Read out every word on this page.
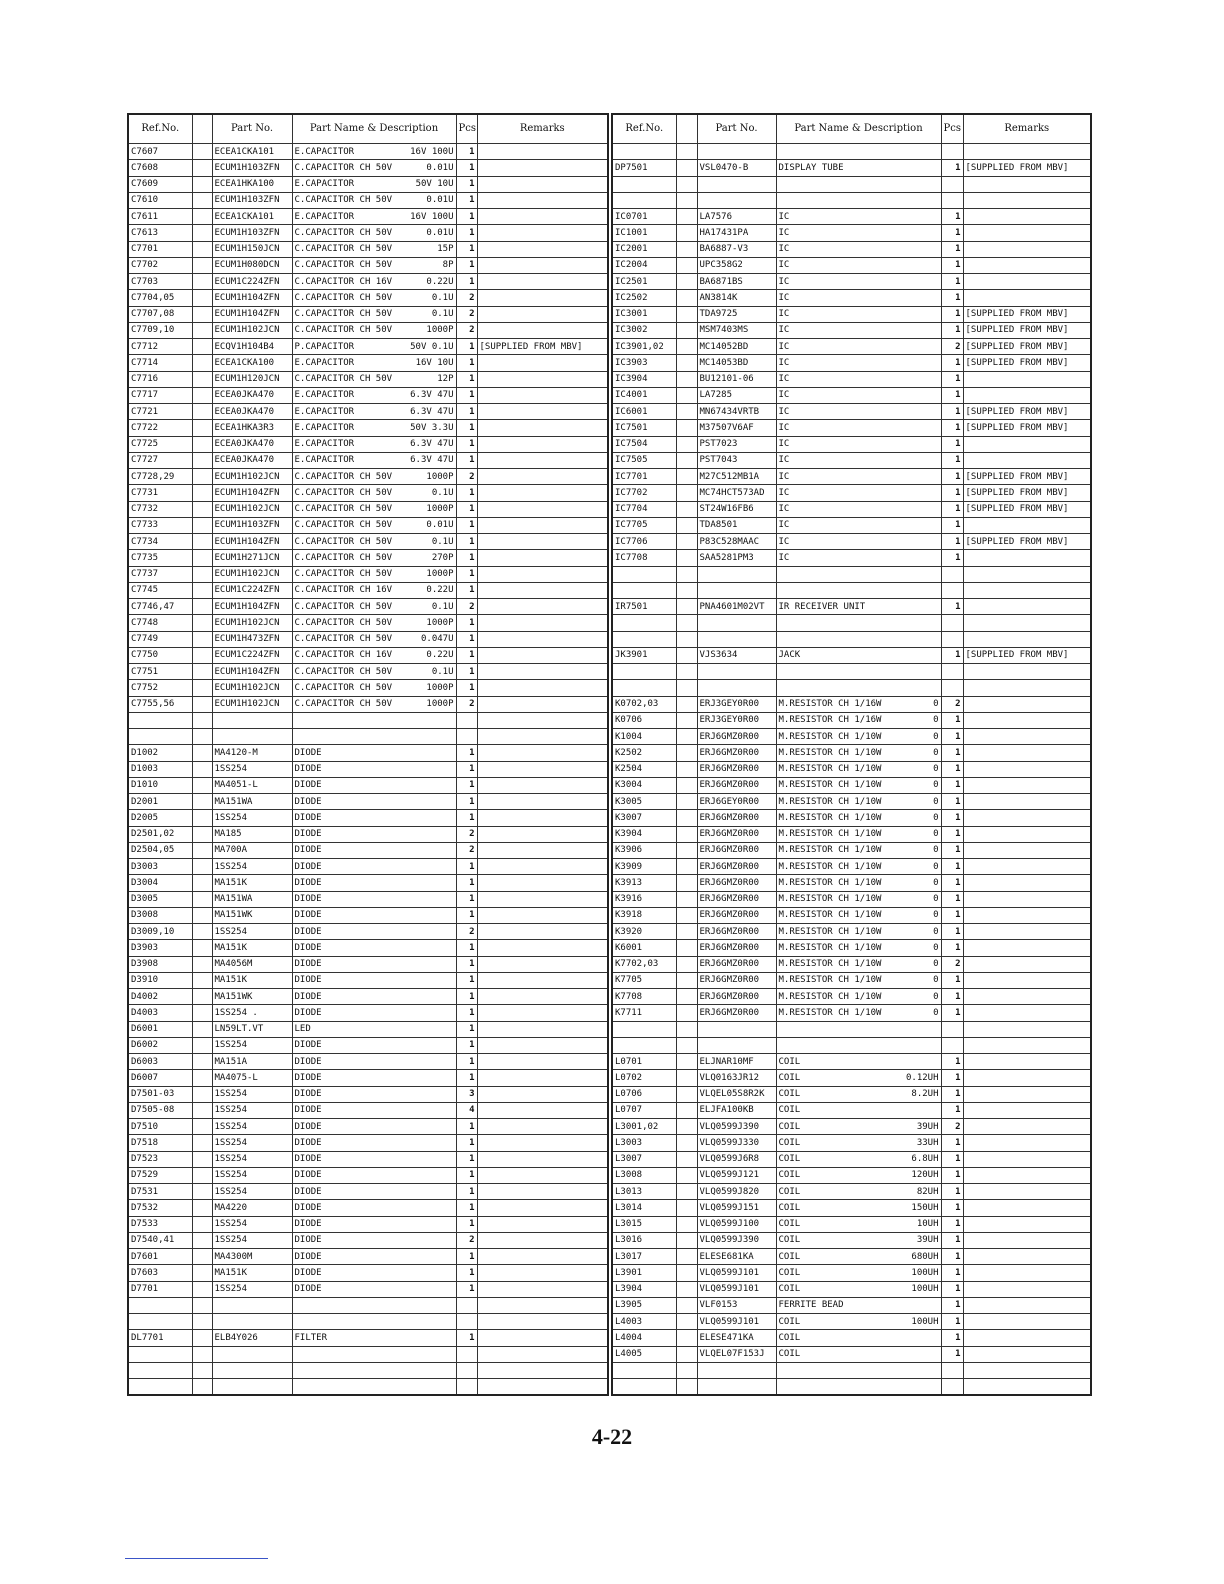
Ref.No.		Part No.	Part Name & Description	Pcs	Remarks
C7607		ECEA1CKA101	E.CAPACITOR 16V 100U	1	
C7608		ECUM1H103ZFN	C.CAPACITOR CH 50V 0.01U	1	
C7609		ECEA1HKA100	E.CAPACITOR 50V 10U	1	
C7610		ECUM1H103ZFN	C.CAPACITOR CH 50V 0.01U	1	
C7611		ECEA1CKA101	E.CAPACITOR 16V 100U	1	
C7613		ECUM1H103ZFN	C.CAPACITOR CH 50V 0.01U	1	
C7701		ECUM1H150JCN	C.CAPACITOR CH 50V 15P	1	
C7702		ECUM1H080DCN	C.CAPACITOR CH 50V 8P	1	
C7703		ECUM1C224ZFN	C.CAPACITOR CH 16V 0.22U	1	
C7704,05		ECUM1H104ZFN	C.CAPACITOR CH 50V 0.1U	2	
C7707,08		ECUM1H104ZFN	C.CAPACITOR CH 50V 0.1U	2	
C7709,10		ECUM1H102JCN	C.CAPACITOR CH 50V 1000P	2	
C7712		ECQV1H104B4	P.CAPACITOR 50V 0.1U	1	[SUPPLIED FROM MBV]
C7714		ECEA1CKA100	E.CAPACITOR 16V 10U	1	
C7716		ECUM1H120JCN	C.CAPACITOR CH 50V 12P	1	
C7717		ECEA0JKA470	E.CAPACITOR 6.3V 47U	1	
C7721		ECEA0JKA470	E.CAPACITOR 6.3V 47U	1	
C7722		ECEA1HKA3R3	E.CAPACITOR 50V 3.3U	1	
C7725		ECEA0JKA470	E.CAPACITOR 6.3V 47U	1	
C7727		ECEA0JKA470	E.CAPACITOR 6.3V 47U	1	
C7728,29		ECUM1H102JCN	C.CAPACITOR CH 50V 1000P	2	
C7731		ECUM1H104ZFN	C.CAPACITOR CH 50V 0.1U	1	
C7732		ECUM1H102JCN	C.CAPACITOR CH 50V 1000P	1	
C7733		ECUM1H103ZFN	C.CAPACITOR CH 50V 0.01U	1	
C7734		ECUM1H104ZFN	C.CAPACITOR CH 50V 0.1U	1	
C7735		ECUM1H271JCN	C.CAPACITOR CH 50V 270P	1	
C7737		ECUM1H102JCN	C.CAPACITOR CH 50V 1000P	1	
C7745		ECUM1C224ZFN	C.CAPACITOR CH 16V 0.22U	1	
C7746,47		ECUM1H104ZFN	C.CAPACITOR CH 50V 0.1U	2	
C7748		ECUM1H102JCN	C.CAPACITOR CH 50V 1000P	1	
C7749		ECUM1H473ZFN	C.CAPACITOR CH 50V 0.047U	1	
C7750		ECUM1C224ZFN	C.CAPACITOR CH 16V 0.22U	1	
C7751		ECUM1H104ZFN	C.CAPACITOR CH 50V 0.1U	1	
C7752		ECUM1H102JCN	C.CAPACITOR CH 50V 1000P	1	
C7755,56		ECUM1H102JCN	C.CAPACITOR CH 50V 1000P	2	

D1002		MA4120-M	DIODE	1	
D1003		1SS254	DIODE	1	
D1010		MA4051-L	DIODE	1	
D2001		MA151WA	DIODE	1	
D2005		1SS254	DIODE	1	
D2501,02		MA185	DIODE	2	
D2504,05		MA700A	DIODE	2	
D3003		1SS254	DIODE	1	
D3004		MA151K	DIODE	1	
D3005		MA151WA	DIODE	1	
D3008		MA151WK	DIODE	1	
D3009,10		1SS254	DIODE	2	
D3903		MA151K	DIODE	1	
D3908		MA4056M	DIODE	1	
D3910		MA151K	DIODE	1	
D4002		MA151WK	DIODE	1	
D4003		1SS254 .	DIODE	1	
D6001		LN59LT.VT	LED	1	
D6002		1SS254	DIODE	1	
D6003		MA151A	DIODE	1	
D6007		MA4075-L	DIODE	1	
D7501-03		1SS254	DIODE	3	
D7505-08		1SS254	DIODE	4	
D7510		1SS254	DIODE	1	
D7518		1SS254	DIODE	1	
D7523		1SS254	DIODE	1	
D7529		1SS254	DIODE	1	
D7531		1SS254	DIODE	1	
D7532		MA4220	DIODE	1	
D7533		1SS254	DIODE	1	
D7540,41		1SS254	DIODE	2	
D7601		MA4300M	DIODE	1	
D7603		MA151K	DIODE	1	
D7701		1SS254	DIODE	1	

DL7701		ELB4Y026	FILTER	1	

Ref.No.		Part No.	Part Name & Description	Pcs	Remarks

DP7501		VSL0470-B	DISPLAY TUBE	1	[SUPPLIED FROM MBV]

IC0701		LA7576	IC	1	
IC1001		HA17431PA	IC	1	
IC2001		BA6887-V3	IC	1	
IC2004		UPC358G2	IC	1	
IC2501		BA6871BS	IC	1	
IC2502		AN3814K	IC	1	
IC3001		TDA9725	IC	1	[SUPPLIED FROM MBV]
IC3002		MSM7403MS	IC	1	[SUPPLIED FROM MBV]
IC3901,02		MC14052BD	IC	2	[SUPPLIED FROM MBV]
IC3903		MC14053BD	IC	1	[SUPPLIED FROM MBV]
IC3904		BU12101-06	IC	1	
IC4001		LA7285	IC	1	
IC6001		MN67434VRTB	IC	1	[SUPPLIED FROM MBV]
IC7501		M37507V6AF	IC	1	[SUPPLIED FROM MBV]
IC7504		PST7023	IC	1	
IC7505		PST7043	IC	1	
IC7701		M27C512MB1A	IC	1	[SUPPLIED FROM MBV]
IC7702		MC74HCT573AD	IC	1	[SUPPLIED FROM MBV]
IC7704		ST24W16FB6	IC	1	[SUPPLIED FROM MBV]
IC7705		TDA8501	IC	1	
IC7706		P83C528MAAC	IC	1	[SUPPLIED FROM MBV]
IC7708		SAA5281PM3	IC	1	

IR7501		PNA4601M02VT	IR RECEIVER UNIT	1	

JK3901		VJS3634	JACK	1	[SUPPLIED FROM MBV]

K0702,03		ERJ3GEY0R00	M.RESISTOR CH 1/16W 0	2	
K0706		ERJ3GEY0R00	M.RESISTOR CH 1/16W 0	1	
K1004		ERJ6GMZ0R00	M.RESISTOR CH 1/10W 0	1	
K2502		ERJ6GMZ0R00	M.RESISTOR CH 1/10W 0	1	
K2504		ERJ6GMZ0R00	M.RESISTOR CH 1/10W 0	1	
K3004		ERJ6GMZ0R00	M.RESISTOR CH 1/10W 0	1	
K3005		ERJ6GEY0R00	M.RESISTOR CH 1/10W 0	1	
K3007		ERJ6GMZ0R00	M.RESISTOR CH 1/10W 0	1	
K3904		ERJ6GMZ0R00	M.RESISTOR CH 1/10W 0	1	
K3906		ERJ6GMZ0R00	M.RESISTOR CH 1/10W 0	1	
K3909		ERJ6GMZ0R00	M.RESISTOR CH 1/10W 0	1	
K3913		ERJ6GMZ0R00	M.RESISTOR CH 1/10W 0	1	
K3916		ERJ6GMZ0R00	M.RESISTOR CH 1/10W 0	1	
K3918		ERJ6GMZ0R00	M.RESISTOR CH 1/10W 0	1	
K3920		ERJ6GMZ0R00	M.RESISTOR CH 1/10W 0	1	
K6001		ERJ6GMZ0R00	M.RESISTOR CH 1/10W 0	1	
K7702,03		ERJ6GMZ0R00	M.RESISTOR CH 1/10W 0	2	
K7705		ERJ6GMZ0R00	M.RESISTOR CH 1/10W 0	1	
K7708		ERJ6GMZ0R00	M.RESISTOR CH 1/10W 0	1	
K7711		ERJ6GMZ0R00	M.RESISTOR CH 1/10W 0	1	

L0701		ELJNAR10MF	COIL	1	
L0702		VLQ0163JR12	COIL 0.12UH	1	
L0706		VLQEL05S8R2K	COIL 8.2UH	1	
L0707		ELJFA100KB	COIL	1	
L3001,02		VLQ0599J390	COIL 39UH	2	
L3003		VLQ0599J330	COIL 33UH	1	
L3007		VLQ0599J6R8	COIL 6.8UH	1	
L3008		VLQ0599J121	COIL 120UH	1	
L3013		VLQ0599J820	COIL 82UH	1	
L3014		VLQ0599J151	COIL 150UH	1	
L3015		VLQ0599J100	COIL 10UH	1	
L3016		VLQ0599J390	COIL 39UH	1	
L3017		ELESE681KA	COIL 680UH	1	
L3901		VLQ0599J101	COIL 100UH	1	
L3904		VLQ0599J101	COIL 100UH	1	
L3905		VLF0153	FERRITE BEAD	1	
L4003		VLQ0599J101	COIL 100UH	1	
L4004		ELESE471KA	COIL	1	
L4005		VLQEL07F153J	COIL	1	

4-22
